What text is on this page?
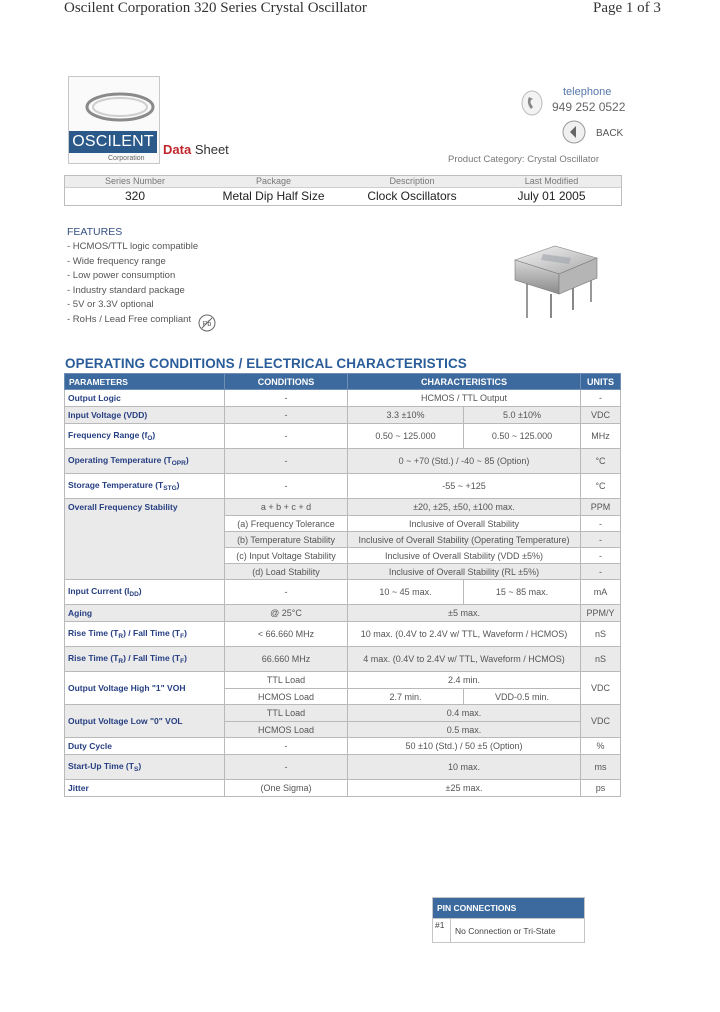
Oscilent Corporation 320 Series Crystal Oscillator	Page 1 of 3
OSCILENT
Corporation
Data Sheet
telephone
949 252 0522
BACK
Product Category: Crystal Oscillator
Series Number	Package	Description	Last Modified
320	Metal Dip Half Size	Clock Oscillators	July 01 2005
FEATURES
- HCMOS/TTL logic compatible
- Wide frequency range
- Low power consumption
- Industry standard package
- 5V or 3.3V optional
- RoHs / Lead Free compliant Pb
OPERATING CONDITIONS / ELECTRICAL CHARACTERISTICS
PARAMETERS	CONDITIONS	CHARACTERISTICS		UNITS
Output Logic	-	HCMOS / TTL Output		-
Input Voltage (VDD)	-	3.3 ±10%	5.0 ±10%	VDC
Frequency Range $(f_O)$	-	0.50 ~ 125.000	0.50 ~ 125.000	MHz
Operating Temperature $(T_{OPR})$	-	0 ~ +70 (Std.) / -40 ~ 85 (Option)		°C
Storage Temperature $(T_{STG})$	-	-55 ~ +125		°C
Overall Frequency Stability	a + b + c + d	±20, ±25, ±50, ±100 max.		PPM
	(a) Frequency Tolerance	Inclusive of Overall Stability		-
	(b) Temperature Stability	Inclusive of Overall Stability (Operating Temperature)		-
	(c) Input Voltage Stability	Inclusive of Overall Stability (VDD ±5%)		-
	(d) Load Stability	Inclusive of Overall Stability (RL ±5%)		-
Input Current $(I_{DD})$	-	10 ~ 45 max.	15 ~ 85 max.	mA
Aging	@ 25°C	±5 max.		PPM/Y
Rise Time $(T_R)$ / Fall Time $(T_F)$	< 66.660 MHz	10 max. (0.4V to 2.4V w/ TTL, Waveform / HCMOS)		nS
Rise Time $(T_R)$ / Fall Time $(T_F)$	66.660 MHz	4 max. (0.4V to 2.4V w/ TTL, Waveform / HCMOS)		nS
Output Voltage High "1" VOH	TTL Load	2.4 min.		VDC
	HCMOS Load	2.7 min.	VDD-0.5 min.	
Output Voltage Low "0" VOL	TTL Load	0.4 max.		VDC
	HCMOS Load	0.5 max.		
Duty Cycle	-	50 ±10 (Std.) / 50 ±5 (Option)		%
Start-Up Time $(T_S)$	-	10 max.		ms
Jitter	(One Sigma)	±25 max.		ps
PIN CONNECTIONS
#1	No Connection or Tri-State
